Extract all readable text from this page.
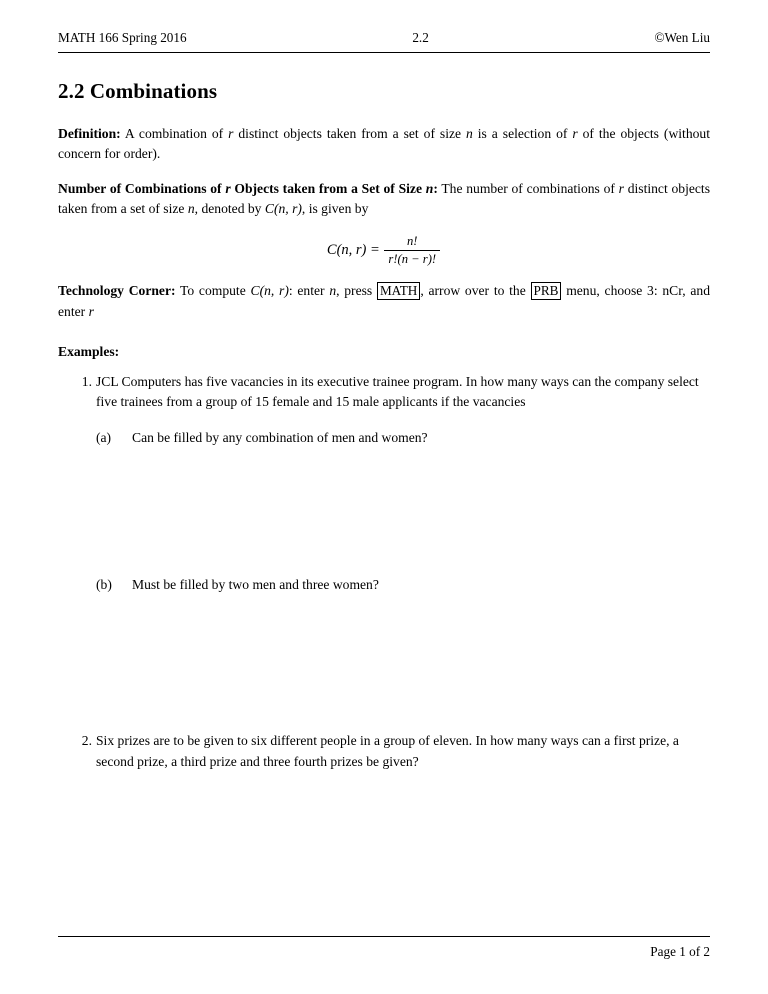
MATH 166 Spring 2016	2.2	©Wen Liu
2.2 Combinations

Definition: A combination of r distinct objects taken from a set of size n is a selection of r of the objects (without concern for order).

Number of Combinations of r Objects taken from a Set of Size n: The number of combinations of r distinct objects taken from a set of size n, denoted by C(n, r), is given by

C(n, $r) = \frac{n!}{r!(n - r)!}$

Technology Corner: To compute C(n, r): enter n, press MATH , arrow over to the PRB menu, choose 3: nCr, and enter r

Examples:
1. JCL Computers has five vacancies in its executive trainee program. In how many ways can the company select five trainees from a group of 15 female and 15 male applicants if the vacancies
(a)	Can be filled by any combination of men and women?
(b)	Must be filled by two men and three women?
2. Six prizes are to be given to six different people in a group of eleven. In how many ways can a first prize, a second prize, a third prize and three fourth prizes be given?
Page 1 of 2
